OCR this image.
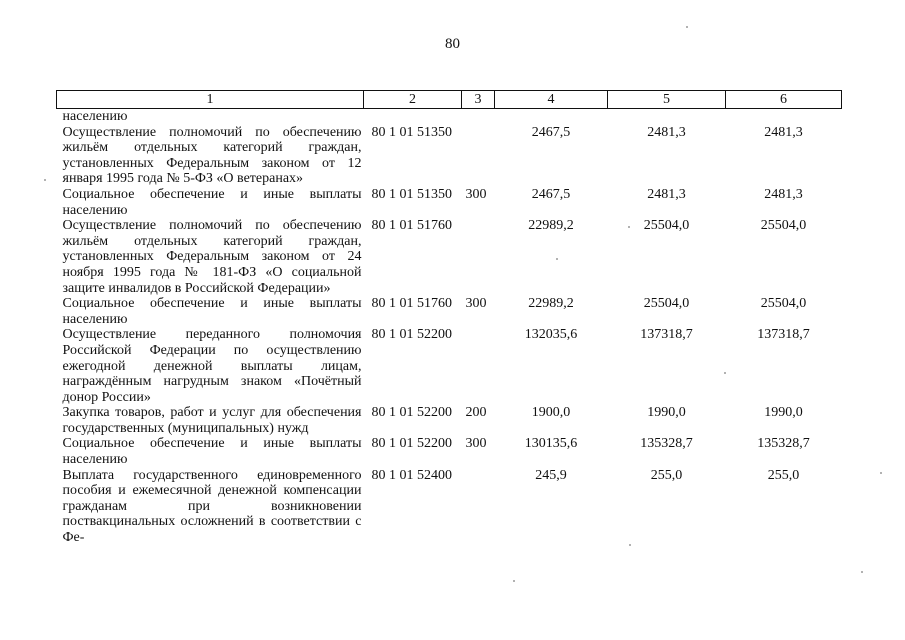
80
1	2	3	4	5	6
населению					
Осуществление полномочий по обеспечению жильём отдельных категорий граждан, установленных Федеральным законом от 12 января 1995 года № 5-ФЗ «О ветеранах»	80 1 01 51350		2467,5	2481,3	2481,3
Социальное обеспечение и иные выплаты населению	80 1 01 51350	300	2467,5	2481,3	2481,3
Осуществление полномочий по обеспечению жильём отдельных категорий граждан, установленных Федеральным законом от 24 ноября 1995 года № 181-ФЗ «О социальной защите инвалидов в Российской Федерации»	80 1 01 51760		22989,2	25504,0	25504,0
Социальное обеспечение и иные выплаты населению	80 1 01 51760	300	22989,2	25504,0	25504,0
Осуществление переданного полномочия Российской Федерации по осуществлению ежегодной денежной выплаты лицам, награждённым нагрудным знаком «Почётный донор России»	80 1 01 52200		132035,6	137318,7	137318,7
Закупка товаров, работ и услуг для обеспечения государственных (муниципальных) нужд	80 1 01 52200	200	1900,0	1990,0	1990,0
Социальное обеспечение и иные выплаты населению	80 1 01 52200	300	130135,6	135328,7	135328,7
Выплата государственного единовременного пособия и ежемесячной денежной компенсации гражданам при возникновении поствакцинальных осложнений в соответствии с Фе-	80 1 01 52400		245,9	255,0	255,0
